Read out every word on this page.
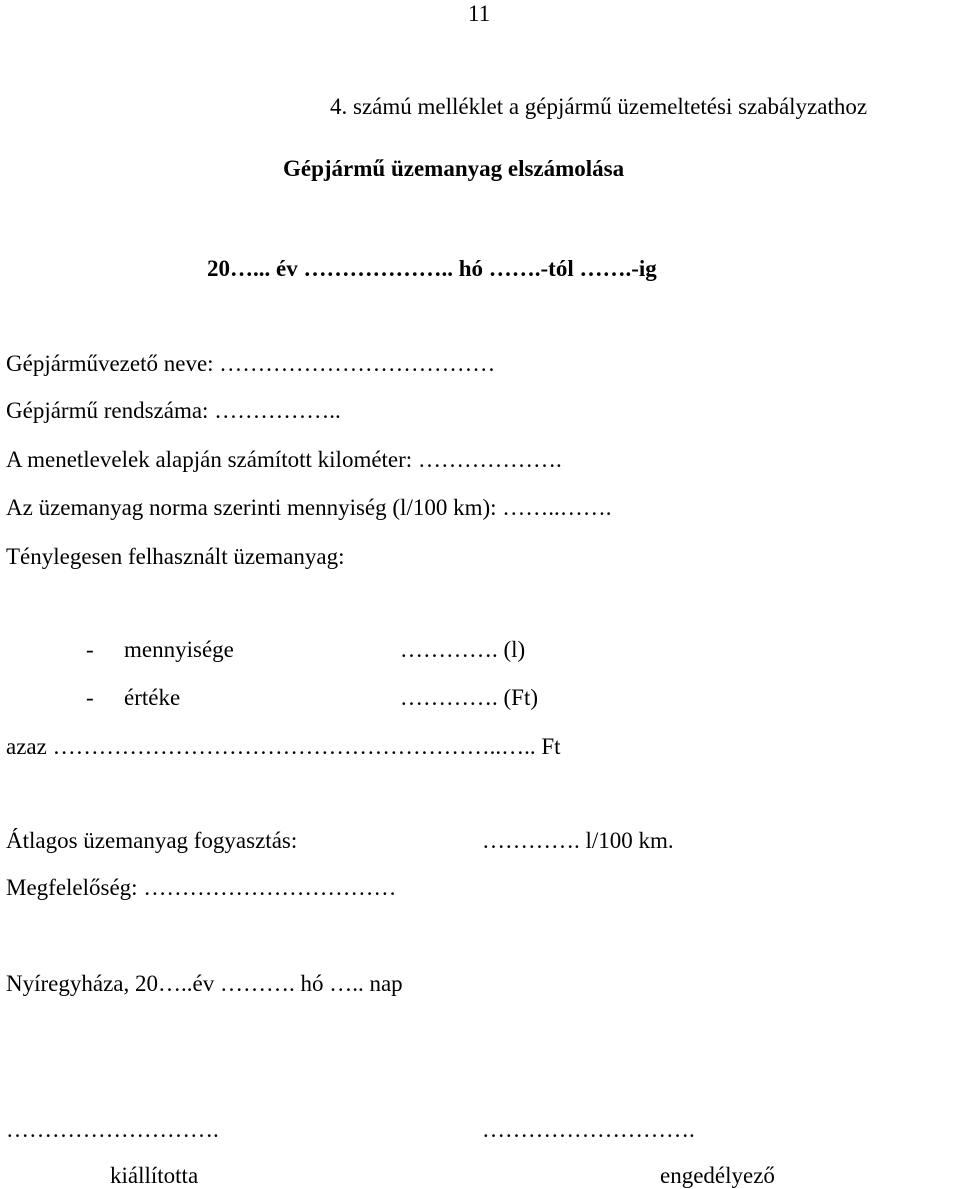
11
4. számú melléklet a gépjármű üzemeltetési szabályzathoz
Gépjármű üzemanyag elszámolása
20…... év ……………….. hó …….-tól …….-ig
Gépjárművezető neve: ………………………………
Gépjármű rendszáma: ……………..
A menetlevelek alapján számított kilométer: ……………….
Az üzemanyag norma szerinti mennyiség (l/100 km): ……..…….
Ténylegesen felhasznált üzemanyag:
- mennyisége	…………. (l)
- értéke	…………. (Ft)
azaz …………………………………………………..….. Ft
Átlagos üzemanyag fogyasztás:	…………. l/100 km.
Megfelelőség: ……………………………
Nyíregyháza, 20…..év ………. hó ….. nap
……………………….	……………………….
kiállította	engedélyező
